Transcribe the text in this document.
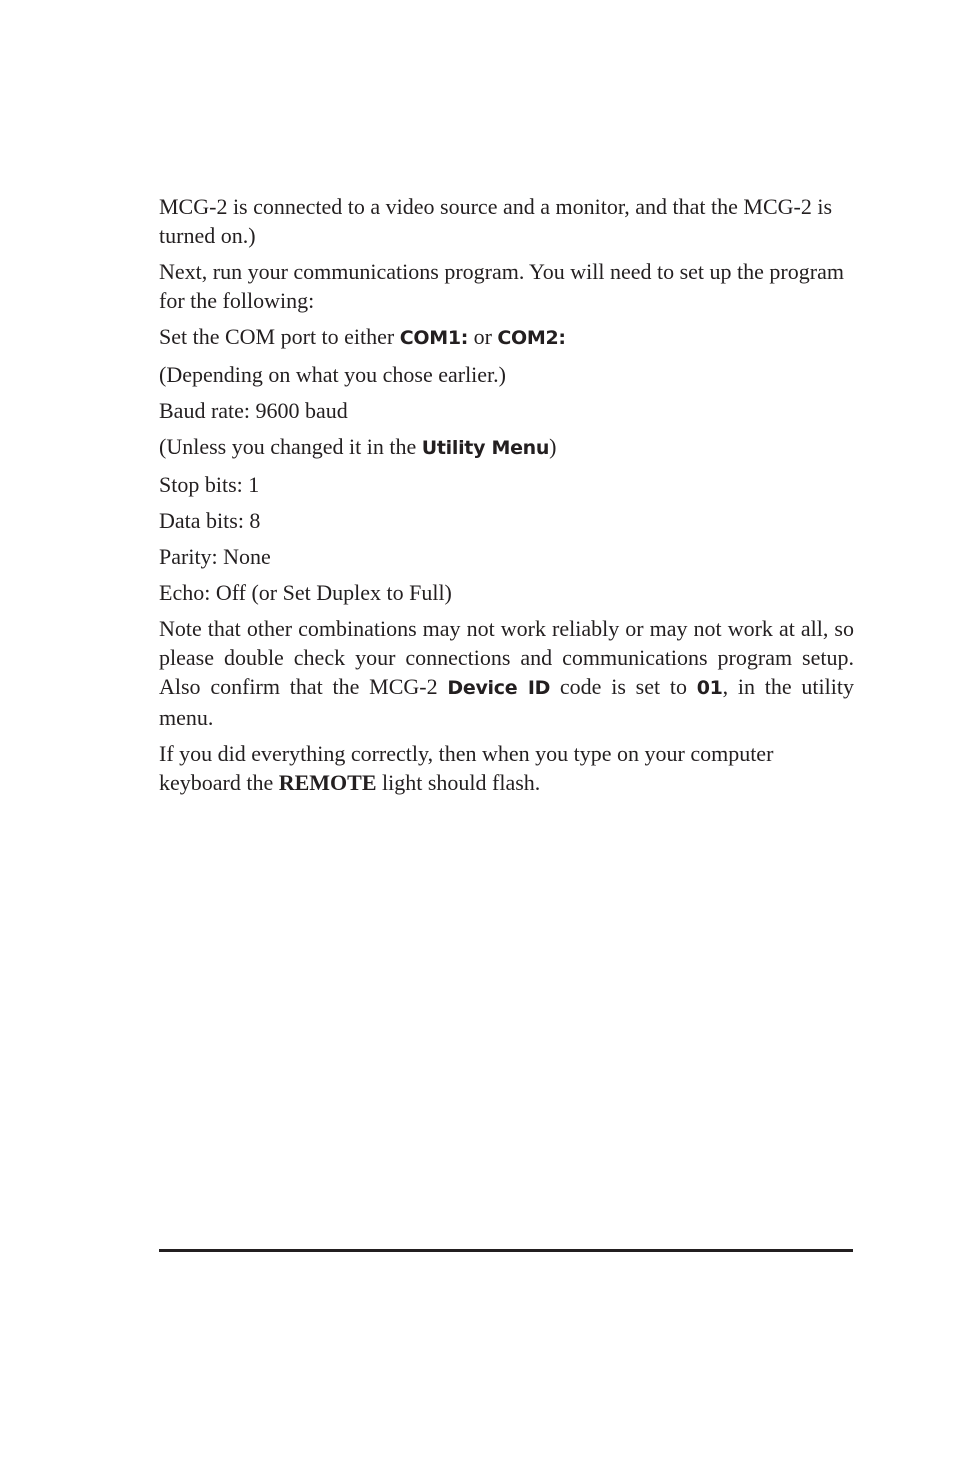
MCG-2 is connected to a video source and a monitor, and that the MCG-2 is turned on.)

Next, run your communications program. You will need to set up the program for the following:

Set the COM port to either COM1: or COM2:

(Depending on what you chose earlier.)

Baud rate: 9600 baud

(Unless you changed it in the Utility Menu)

Stop bits: 1

Data bits: 8

Parity: None

Echo: Off (or Set Duplex to Full)

Note that other combinations may not work reliably or may not work at all, so please double check your connections and communications program setup. Also confirm that the MCG-2 Device ID code is set to 01, in the utility menu.

If you did everything correctly, then when you type on your computer keyboard the REMOTE light should flash.
